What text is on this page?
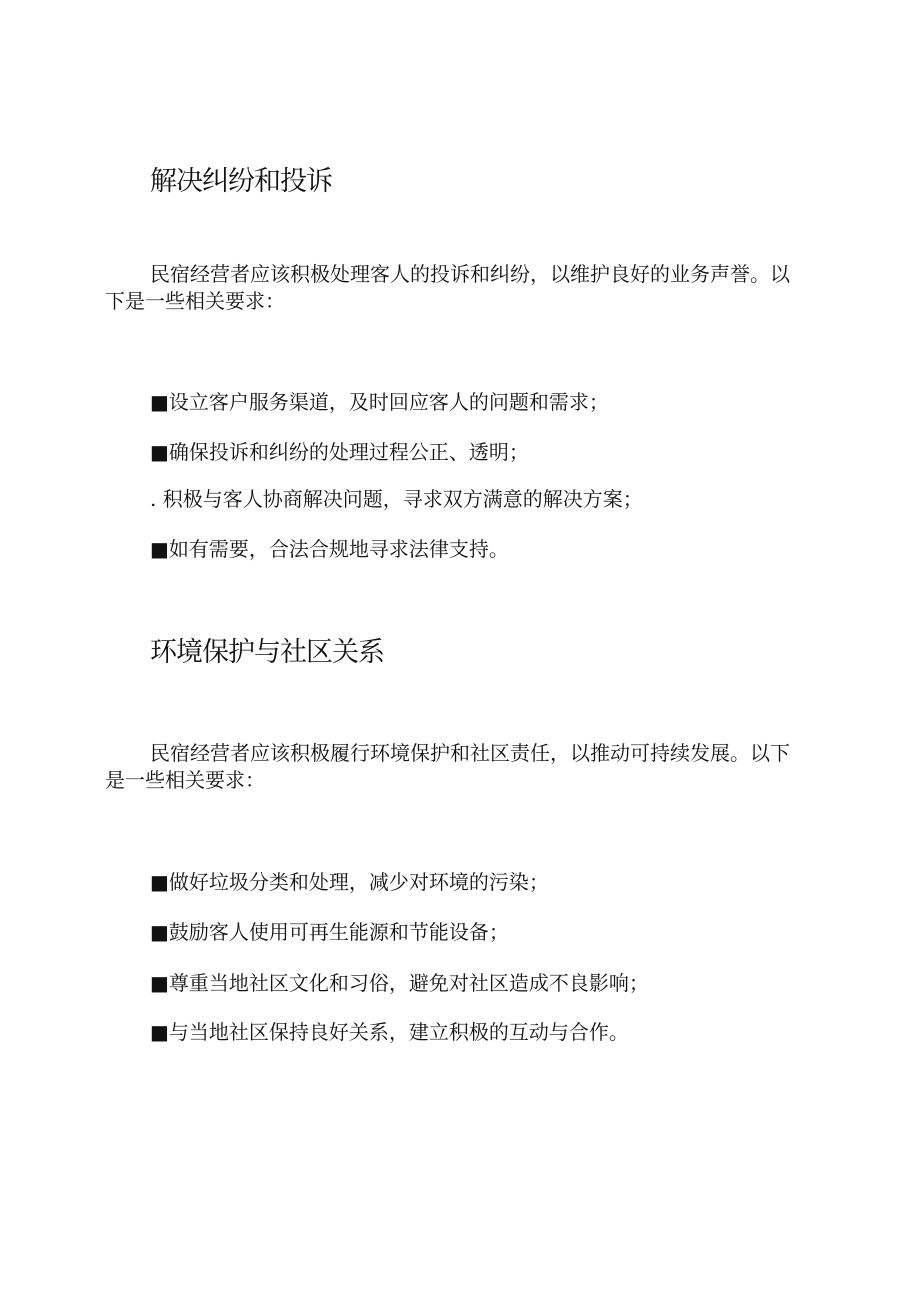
解决纠纷和投诉

民宿经营者应该积极处理客人的投诉和纠纷，以维护良好的业务声誉。以下是一些相关要求：

■设立客户服务渠道，及时回应客人的问题和需求；

■确保投诉和纠纷的处理过程公正、透明；

. 积极与客人协商解决问题，寻求双方满意的解决方案；

■如有需要，合法合规地寻求法律支持。

环境保护与社区关系

民宿经营者应该积极履行环境保护和社区责任，以推动可持续发展。以下是一些相关要求：

■做好垃圾分类和处理，减少对环境的污染；

■鼓励客人使用可再生能源和节能设备；

■尊重当地社区文化和习俗，避免对社区造成不良影响；

■与当地社区保持良好关系，建立积极的互动与合作。
